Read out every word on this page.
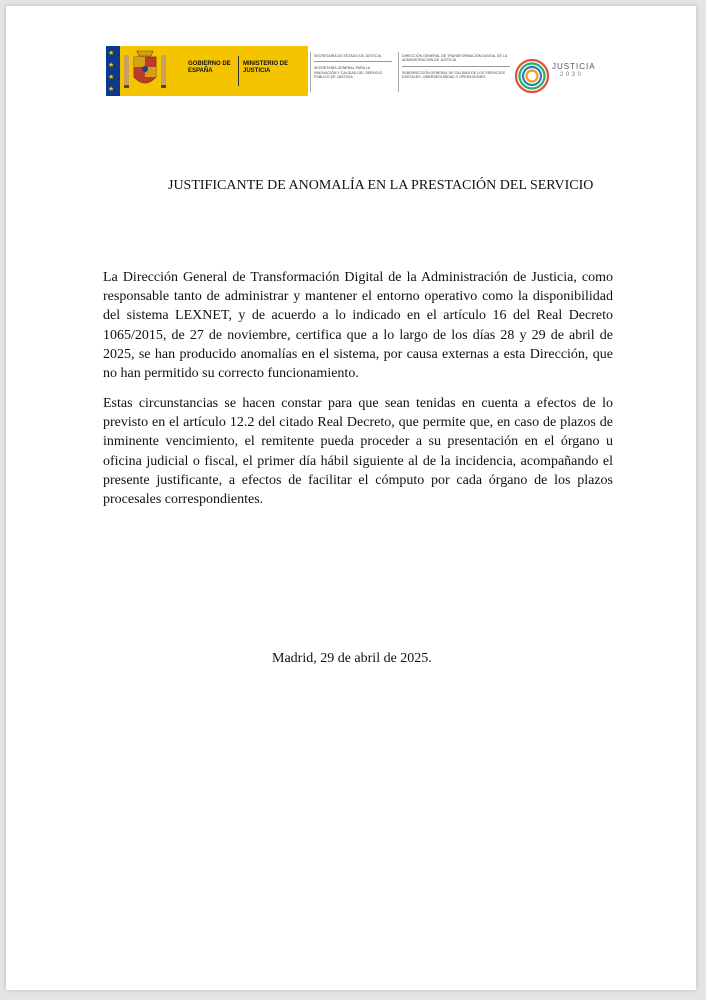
★
★
★
★
GOBIERNO DE ESPAÑA
MINISTERIO DE JUSTICIA
SECRETARÍA DE ESTADO DE JUSTICIA
SECRETARÍA GENERAL PARA LA INNOVACIÓN Y CALIDAD DEL SERVICIO PÚBLICO DE JUSTICIA
DIRECCIÓN GENERAL DE TRANSFORMACIÓN DIGITAL DE LA ADMINISTRACIÓN DE JUSTICIA
SUBDIRECCIÓN GENERAL DE CALIDAD DE LOS SERVICIOS DIGITALES, CIBERSEGURIDAD Y OPERACIONES
JUSTICIA
2030
JUSTIFICANTE DE ANOMALÍA EN LA PRESTACIÓN DEL SERVICIO
La Dirección General de Transformación Digital de la Administración de Justicia, como responsable tanto de administrar y mantener el entorno operativo como la disponibilidad del sistema LEXNET, y de acuerdo a lo indicado en el artículo 16 del Real Decreto 1065/2015, de 27 de noviembre, certifica que a lo largo de los días 28 y 29 de abril de 2025, se han producido anomalías en el sistema, por causa externas a esta Dirección, que no han permitido su correcto funcionamiento.
Estas circunstancias se hacen constar para que sean tenidas en cuenta a efectos de lo previsto en el artículo 12.2 del citado Real Decreto, que permite que, en caso de plazos de inminente vencimiento, el remitente pueda proceder a su presentación en el órgano u oficina judicial o fiscal, el primer día hábil siguiente al de la incidencia, acompañando el presente justificante, a efectos de facilitar el cómputo por cada órgano de los plazos procesales correspondientes.
Madrid, 29 de abril de 2025.
